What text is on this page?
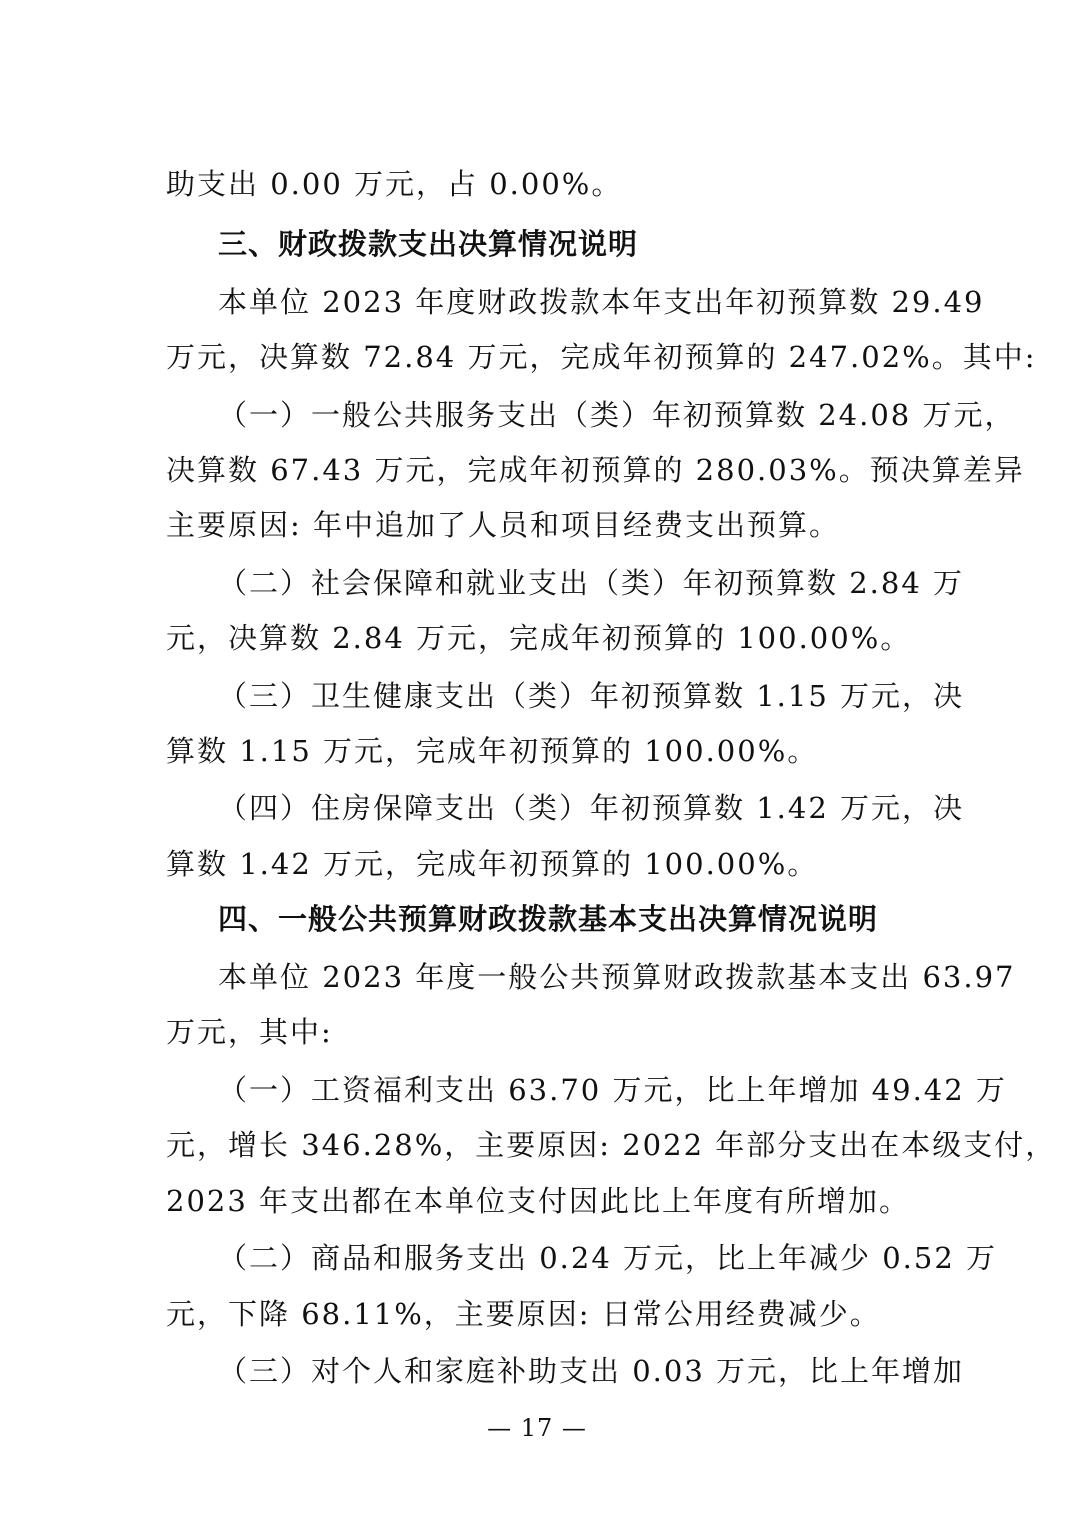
助支出 0.00 万元，占 0.00%。

三、财政拨款支出决算情况说明

本单位 2023 年度财政拨款本年支出年初预算数 29.49

万元，决算数 72.84 万元，完成年初预算的 247.02%。其中:

（一）一般公共服务支出（类）年初预算数 24.08 万元，

决算数 67.43 万元，完成年初预算的 280.03%。预决算差异

主要原因: 年中追加了人员和项目经费支出预算。

（二）社会保障和就业支出（类）年初预算数 2.84 万

元，决算数 2.84 万元，完成年初预算的 100.00%。

（三）卫生健康支出（类）年初预算数 1.15 万元，决

算数 1.15 万元，完成年初预算的 100.00%。

（四）住房保障支出（类）年初预算数 1.42 万元，决

算数 1.42 万元，完成年初预算的 100.00%。

四、一般公共预算财政拨款基本支出决算情况说明

本单位 2023 年度一般公共预算财政拨款基本支出 63.97

万元，其中:

（一）工资福利支出 63.70 万元，比上年增加 49.42 万

元，增长 346.28%，主要原因: 2022 年部分支出在本级支付，

2023 年支出都在本单位支付因此比上年度有所增加。

（二）商品和服务支出 0.24 万元，比上年减少 0.52 万

元，下降 68.11%，主要原因: 日常公用经费减少。

（三）对个人和家庭补助支出 0.03 万元，比上年增加

— 17 —
